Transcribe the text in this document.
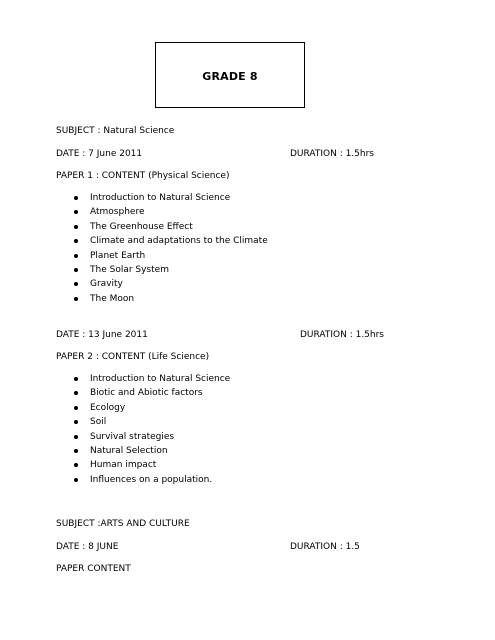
GRADE 8
SUBJECT : Natural Science
DATE : 7 June 2011	DURATION : 1.5hrs
PAPER 1 : CONTENT (Physical Science)
Introduction to Natural Science
Atmosphere
The Greenhouse Effect
Climate and adaptations to the Climate
Planet Earth
The Solar System
Gravity
The Moon
DATE : 13 June 2011	DURATION : 1.5hrs
PAPER 2 : CONTENT (Life Science)
Introduction to Natural Science
Biotic and Abiotic factors
Ecology
Soil
Survival strategies
Natural Selection
Human impact
Influences on a population.
SUBJECT :ARTS AND CULTURE
DATE : 8 JUNE	DURATION : 1.5
PAPER CONTENT
